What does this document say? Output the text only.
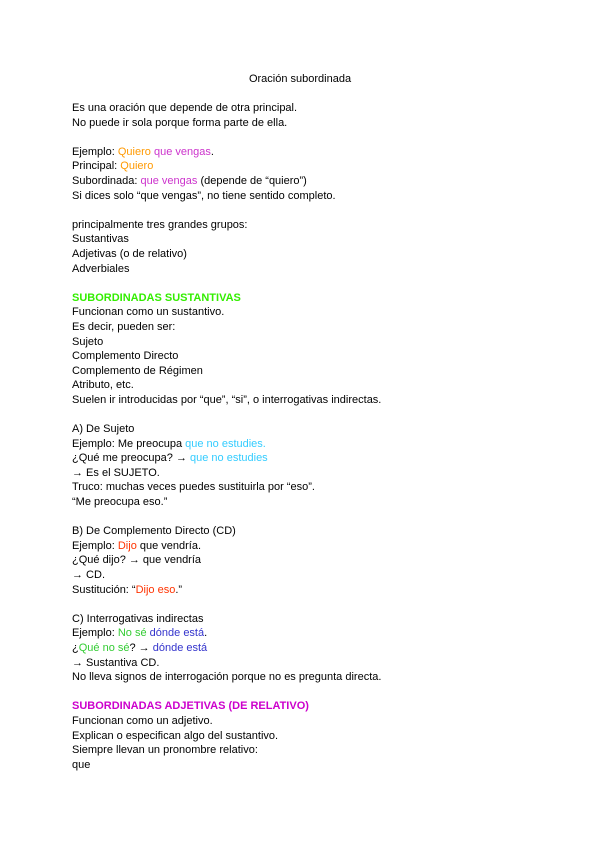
Oración subordinada
Es una oración que depende de otra principal.
No puede ir sola porque forma parte de ella.
Ejemplo: Quiero que vengas.
Principal: Quiero
Subordinada: que vengas (depende de “quiero”)
Si dices solo “que vengas”, no tiene sentido completo.
principalmente tres grandes grupos:
Sustantivas
Adjetivas (o de relativo)
Adverbiales
SUBORDINADAS SUSTANTIVAS
Funcionan como un sustantivo.
Es decir, pueden ser:
Sujeto
Complemento Directo
Complemento de Régimen
Atributo, etc.
Suelen ir introducidas por “que”, “si”, o interrogativas indirectas.
A) De Sujeto
Ejemplo: Me preocupa que no estudies.
¿Qué me preocupa? → que no estudies
→ Es el SUJETO.
Truco: muchas veces puedes sustituirla por “eso”.
“Me preocupa eso.”
B) De Complemento Directo (CD)
Ejemplo: Dijo que vendría.
¿Qué dijo? → que vendría
→ CD.
Sustitución: “Dijo eso.”
C) Interrogativas indirectas
Ejemplo: No sé dónde está.
¿Qué no sé? → dónde está
→ Sustantiva CD.
No lleva signos de interrogación porque no es pregunta directa.
SUBORDINADAS ADJETIVAS (DE RELATIVO)
Funcionan como un adjetivo.
Explican o especifican algo del sustantivo.
Siempre llevan un pronombre relativo:
que
